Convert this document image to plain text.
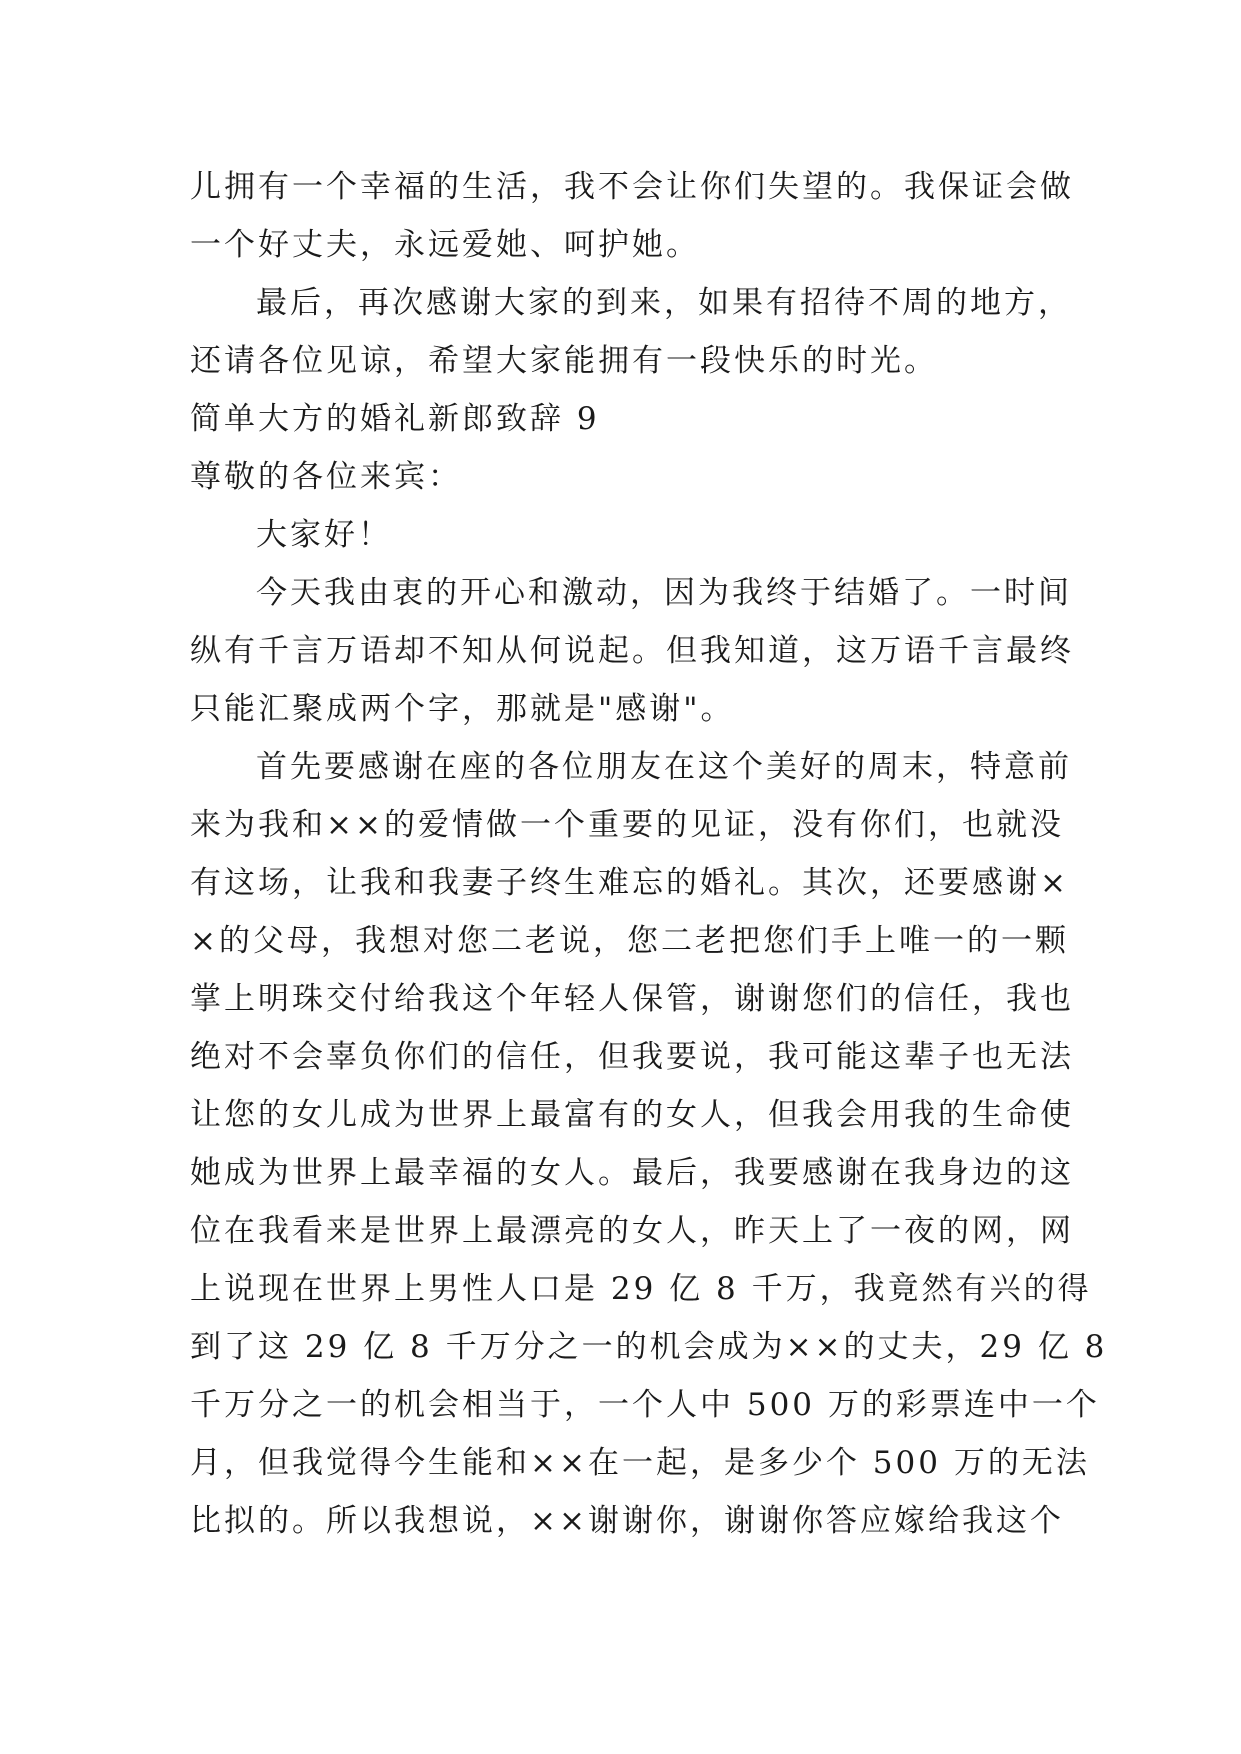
儿拥有一个幸福的生活，我不会让你们失望的。我保证会做
一个好丈夫，永远爱她、呵护她。
最后，再次感谢大家的到来，如果有招待不周的地方，
还请各位见谅，希望大家能拥有一段快乐的时光。
简单大方的婚礼新郎致辞 9
尊敬的各位来宾：
大家好！
今天我由衷的开心和激动，因为我终于结婚了。一时间
纵有千言万语却不知从何说起。但我知道，这万语千言最终
只能汇聚成两个字，那就是"感谢"。
首先要感谢在座的各位朋友在这个美好的周末，特意前
来为我和××的爱情做一个重要的见证，没有你们，也就没
有这场，让我和我妻子终生难忘的婚礼。其次，还要感谢×
×的父母，我想对您二老说，您二老把您们手上唯一的一颗
掌上明珠交付给我这个年轻人保管，谢谢您们的信任，我也
绝对不会辜负你们的信任，但我要说，我可能这辈子也无法
让您的女儿成为世界上最富有的女人，但我会用我的生命使
她成为世界上最幸福的女人。最后，我要感谢在我身边的这
位在我看来是世界上最漂亮的女人，昨天上了一夜的网，网
上说现在世界上男性人口是 29 亿 8 千万，我竟然有兴的得
到了这 29 亿 8 千万分之一的机会成为××的丈夫，29 亿 8
千万分之一的机会相当于，一个人中 500 万的彩票连中一个
月，但我觉得今生能和××在一起，是多少个 500 万的无法
比拟的。所以我想说，××谢谢你，谢谢你答应嫁给我这个
